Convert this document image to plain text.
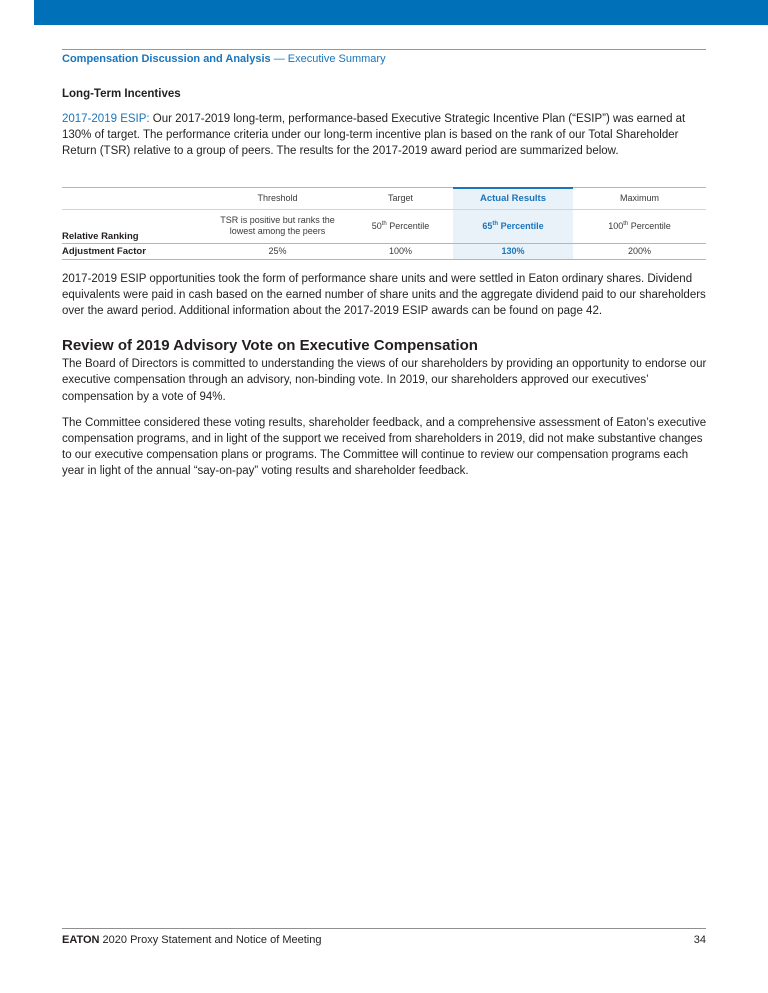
Compensation Discussion and Analysis — Executive Summary
Long-Term Incentives

2017-2019 ESIP: Our 2017-2019 long-term, performance-based Executive Strategic Incentive Plan (“ESIP”) was earned at 130% of target. The performance criteria under our long-term incentive plan is based on the rank of our Total Shareholder Return (TSR) relative to a group of peers. The results for the 2017-2019 award period are summarized below.

	Threshold	Target	Actual Results	Maximum
Relative Ranking	TSR is positive but ranks the lowest among the peers	50th Percentile	65th Percentile	100th Percentile
Adjustment Factor	25%	100%	130%	200%

2017-2019 ESIP opportunities took the form of performance share units and were settled in Eaton ordinary shares. Dividend equivalents were paid in cash based on the earned number of share units and the aggregate dividend paid to our shareholders over the award period. Additional information about the 2017-2019 ESIP awards can be found on page 42.

Review of 2019 Advisory Vote on Executive Compensation

The Board of Directors is committed to understanding the views of our shareholders by providing an opportunity to endorse our executive compensation through an advisory, non-binding vote. In 2019, our shareholders approved our executives’ compensation by a vote of 94%.

The Committee considered these voting results, shareholder feedback, and a comprehensive assessment of Eaton’s executive compensation programs, and in light of the support we received from shareholders in 2019, did not make substantive changes to our executive compensation plans or programs. The Committee will continue to review our compensation programs each year in light of the annual “say-on-pay” voting results and shareholder feedback.

EATON 2020 Proxy Statement and Notice of Meeting	34
